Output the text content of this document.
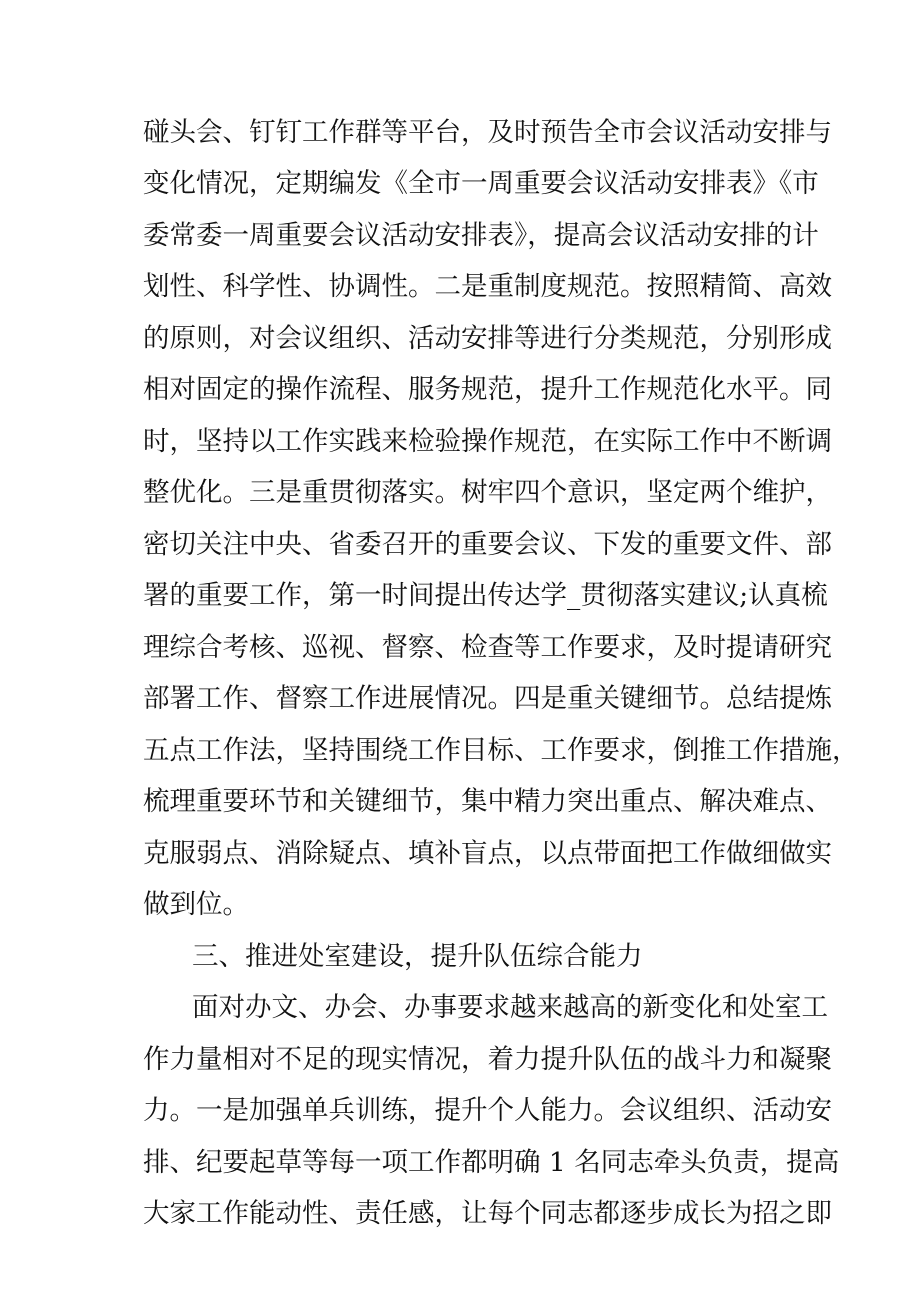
碰头会、钉钉工作群等平台，及时预告全市会议活动安排与

变化情况，定期编发《全市一周重要会议活动安排表》《市

委常委一周重要会议活动安排表》，提高会议活动安排的计

划性、科学性、协调性。二是重制度规范。按照精简、高效

的原则，对会议组织、活动安排等进行分类规范，分别形成

相对固定的操作流程、服务规范，提升工作规范化水平。同

时，坚持以工作实践来检验操作规范，在实际工作中不断调

整优化。三是重贯彻落实。树牢四个意识，坚定两个维护，

密切关注中央、省委召开的重要会议、下发的重要文件、部

署的重要工作，第一时间提出传达学_贯彻落实建议;认真梳

理综合考核、巡视、督察、检查等工作要求，及时提请研究

部署工作、督察工作进展情况。四是重关键细节。总结提炼

五点工作法，坚持围绕工作目标、工作要求，倒推工作措施，

梳理重要环节和关键细节，集中精力突出重点、解决难点、

克服弱点、消除疑点、填补盲点，以点带面把工作做细做实

做到位。

三、推进处室建设，提升队伍综合能力

面对办文、办会、办事要求越来越高的新变化和处室工

作力量相对不足的现实情况，着力提升队伍的战斗力和凝聚

力。一是加强单兵训练，提升个人能力。会议组织、活动安

排、纪要起草等每一项工作都明确 1 名同志牵头负责，提高

大家工作能动性、责任感，让每个同志都逐步成长为招之即
